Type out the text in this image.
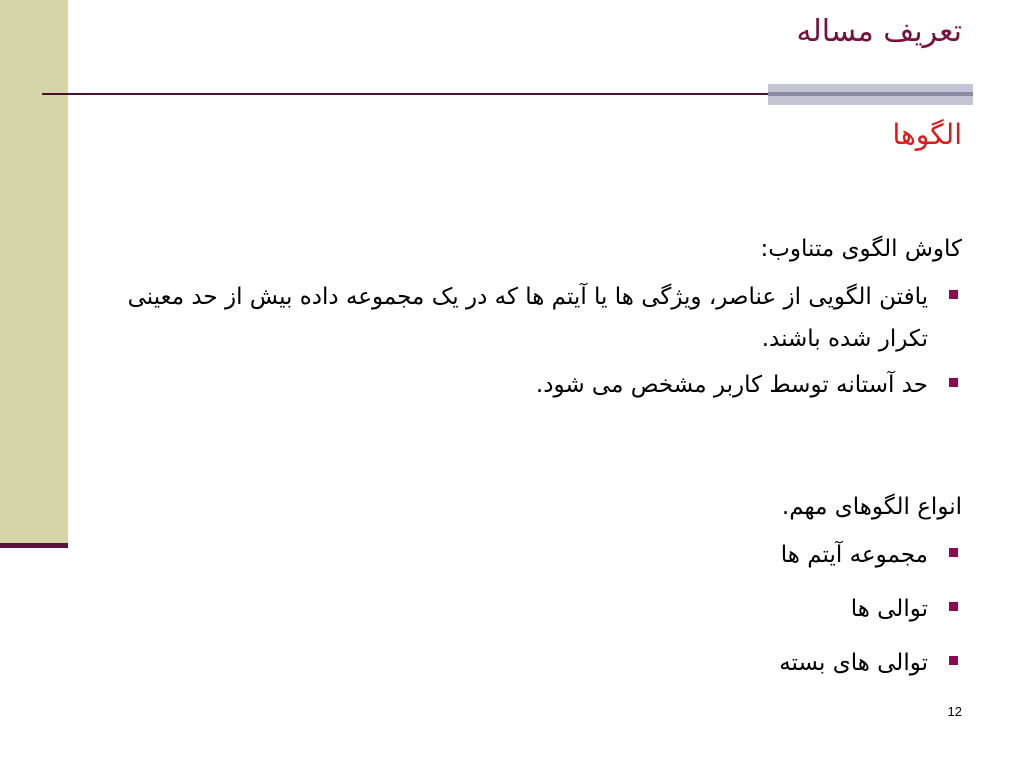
تعریف مساله
الگوها
کاوش الگوی متناوب:
یافتن الگویی از عناصر، ویژگی ها یا آیتم ها که در یک مجموعه داده بیش از حد معینی تکرار شده باشند.
حد آستانه توسط کاربر مشخص می شود.
انواع الگوهای مهم.
مجموعه آیتم ها
توالی ها
توالی های بسته
12
